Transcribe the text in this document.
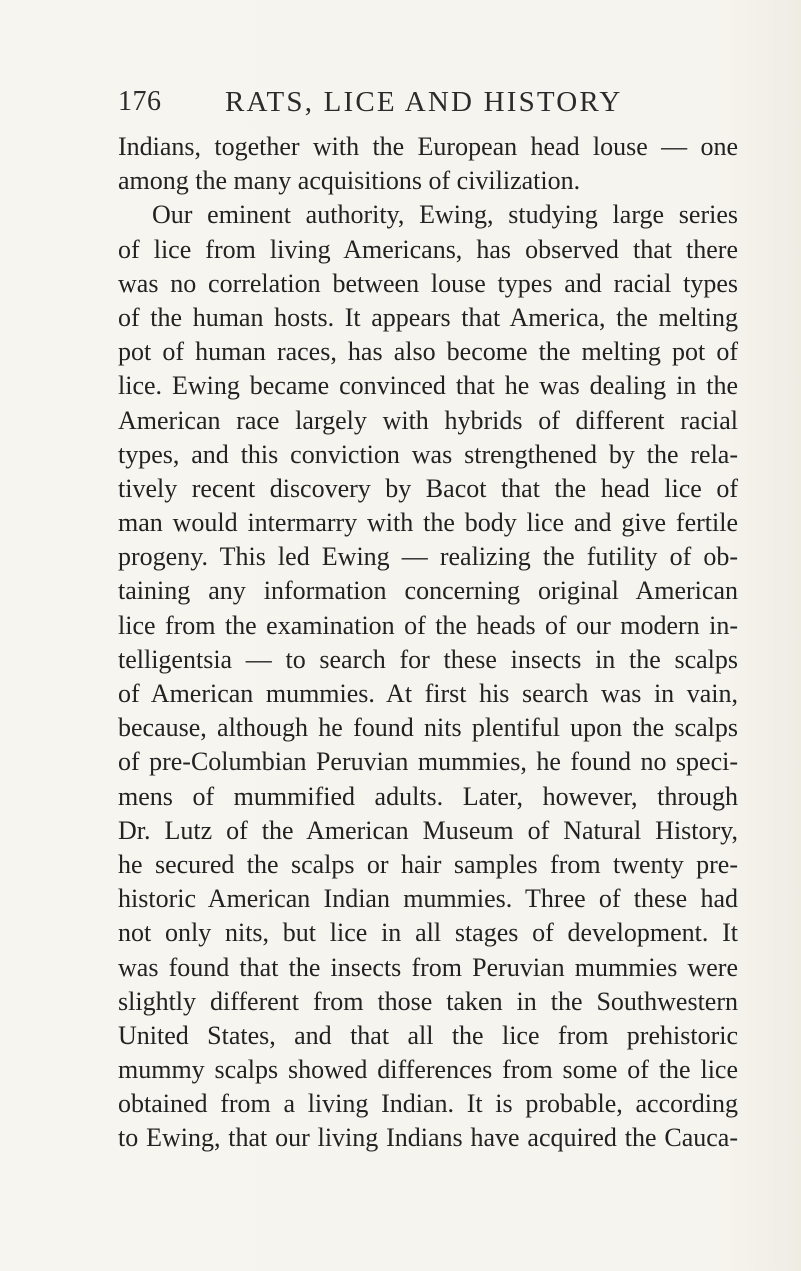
176 RATS, LICE AND HISTORY
Indians, together with the European head louse — one
among the many acquisitions of civilization.
Our eminent authority, Ewing, studying large series
of lice from living Americans, has observed that there
was no correlation between louse types and racial types
of the human hosts. It appears that America, the melting
pot of human races, has also become the melting pot of
lice. Ewing became convinced that he was dealing in the
American race largely with hybrids of different racial
types, and this conviction was strengthened by the rela-
tively recent discovery by Bacot that the head lice of
man would intermarry with the body lice and give fertile
progeny. This led Ewing — realizing the futility of ob-
taining any information concerning original American
lice from the examination of the heads of our modern in-
telligentsia — to search for these insects in the scalps
of American mummies. At first his search was in vain,
because, although he found nits plentiful upon the scalps
of pre-Columbian Peruvian mummies, he found no speci-
mens of mummified adults. Later, however, through
Dr. Lutz of the American Museum of Natural History,
he secured the scalps or hair samples from twenty pre-
historic American Indian mummies. Three of these had
not only nits, but lice in all stages of development. It
was found that the insects from Peruvian mummies were
slightly different from those taken in the Southwestern
United States, and that all the lice from prehistoric
mummy scalps showed differences from some of the lice
obtained from a living Indian. It is probable, according
to Ewing, that our living Indians have acquired the Cauca-
